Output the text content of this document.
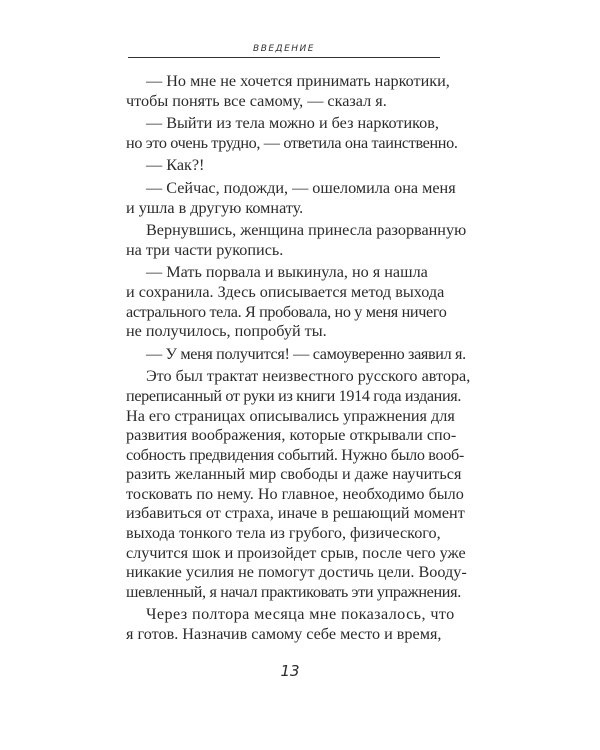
ВВЕДЕНИЕ
— Но мне не хочется принимать наркотики,
чтобы понять все самому, — сказал я.
— Выйти из тела можно и без наркотиков,
но это очень трудно, — ответила она таинственно.
— Как?!
— Сейчас, подожди, — ошеломила она меня
и ушла в другую комнату.
Вернувшись, женщина принесла разорванную
на три части рукопись.
— Мать порвала и выкинула, но я нашла
и сохранила. Здесь описывается метод выхода
астрального тела. Я пробовала, но у меня ничего
не получилось, попробуй ты.
— У меня получится! — самоуверенно заявил я.
Это был трактат неизвестного русского автора,
переписанный от руки из книги 1914 года издания.
На его страницах описывались упражнения для
развития воображения, которые открывали спо-
собность предвидения событий. Нужно было вооб-
разить желанный мир свободы и даже научиться
тосковать по нему. Но главное, необходимо было
избавиться от страха, иначе в решающий момент
выхода тонкого тела из грубого, физического,
случится шок и произойдет срыв, после чего уже
никакие усилия не помогут достичь цели. Вооду-
шевленный, я начал практиковать эти упражнения.
Через полтора месяца мне показалось, что
я готов. Назначив самому себе место и время,
13
